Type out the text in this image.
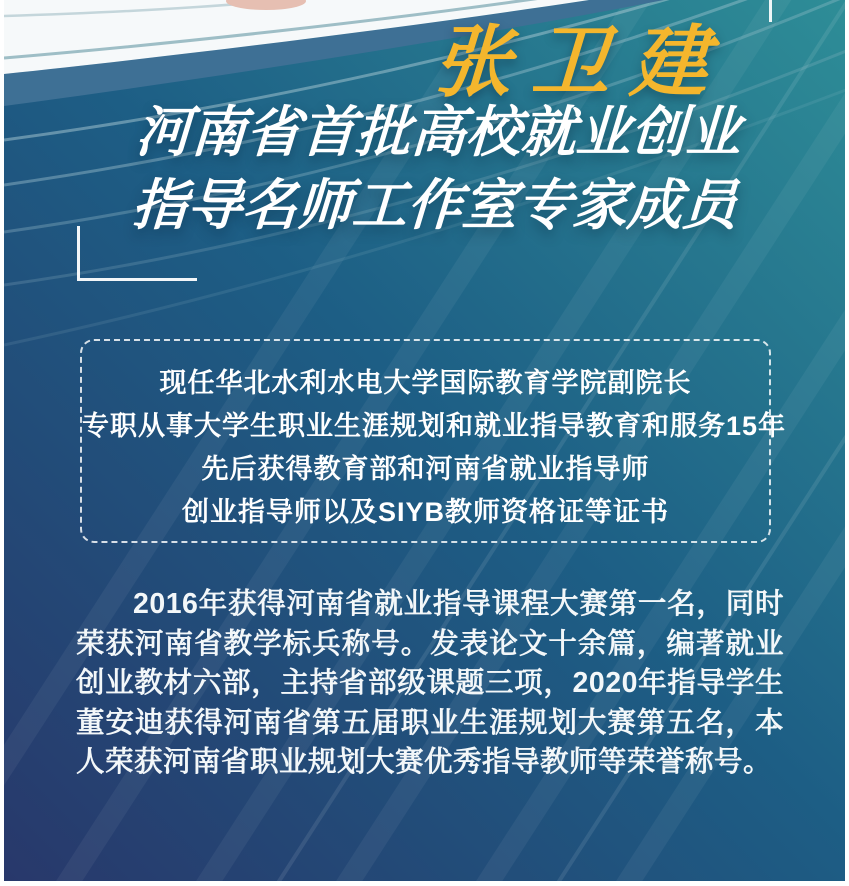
张卫建
河南省首批高校就业创业
指导名师工作室专家成员
现任华北水利水电大学国际教育学院副院长
专职从事大学生职业生涯规划和就业指导教育和服务15年
先后获得教育部和河南省就业指导师
创业指导师以及SIYB教师资格证等证书
2016年获得河南省就业指导课程大赛第一名，同时荣获河南省教学标兵称号。发表论文十余篇，编著就业创业教材六部，主持省部级课题三项，2020年指导学生董安迪获得河南省第五届职业生涯规划大赛第五名，本人荣获河南省职业规划大赛优秀指导教师等荣誉称号。
